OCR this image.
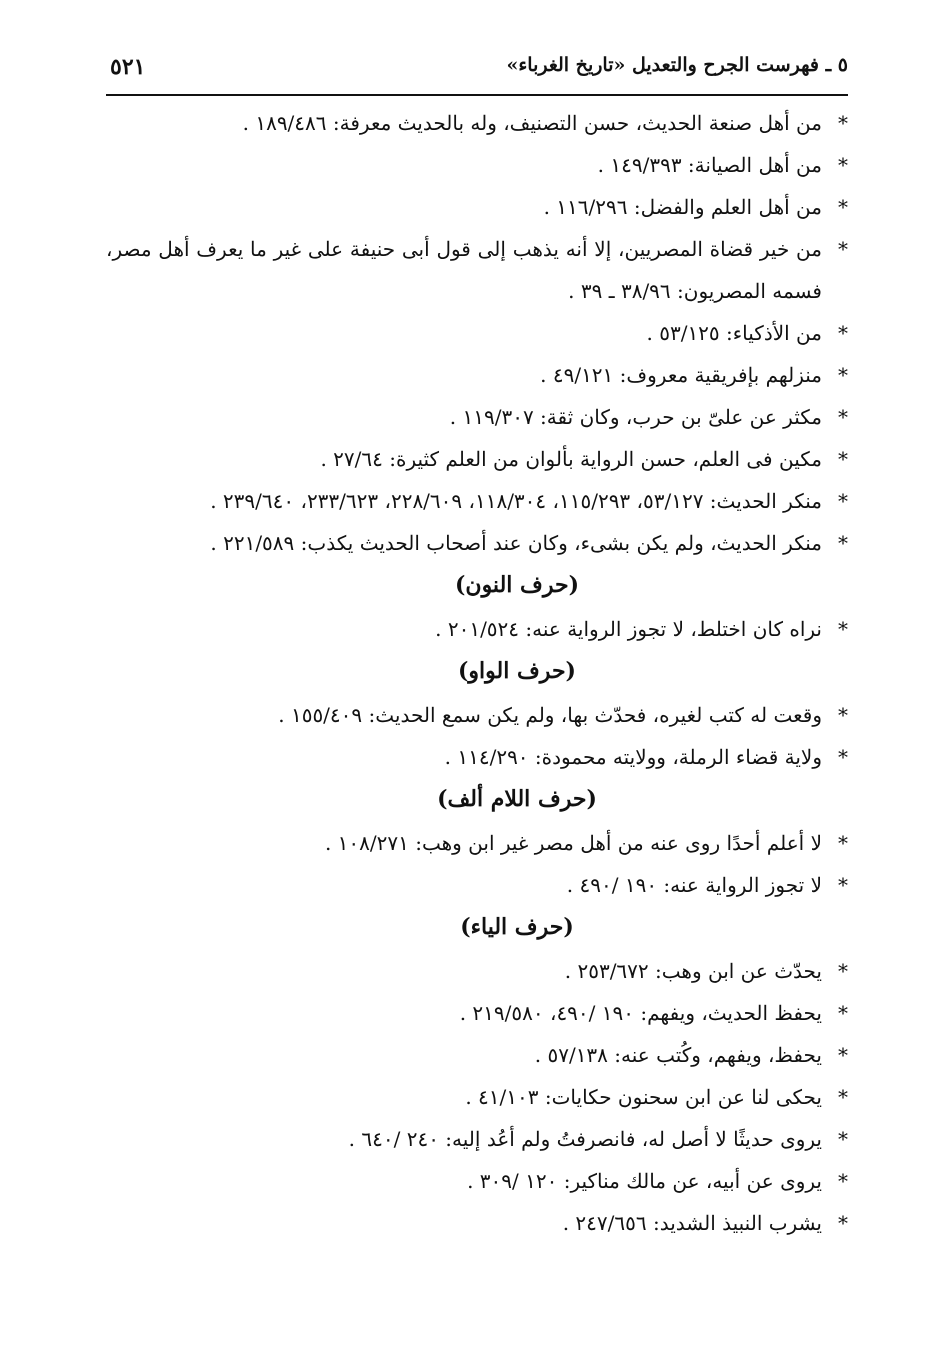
٥ ـ فهرست الجرح والتعديل «تاريخ الغرباء»
٥٢١
*
من أهل صنعة الحديث، حسن التصنيف، وله بالحديث معرفة: ١٨٩/٤٨٦ .
*
من أهل الصيانة: ١٤٩/٣٩٣ .
*
من أهل العلم والفضل: ١١٦/٢٩٦ .
*
من خير قضاة المصريين، إلا أنه يذهب إلى قول أبى حنيفة على غير ما يعرف أهل مصر، فسمه المصريون: ٣٨/٩٦ ـ ٣٩ .
*
من الأذكياء: ٥٣/١٢٥ .
*
منزلهم بإفريقية معروف: ٤٩/١٢١ .
*
مكثر عن علىّ بن حرب، وكان ثقة: ١١٩/٣٠٧ .
*
مكين فى العلم، حسن الرواية بألوان من العلم كثيرة: ٢٧/٦٤ .
*
منكر الحديث: ٥٣/١٢٧، ١١٥/٢٩٣، ١١٨/٣٠٤، ٢٢٨/٦٠٩، ٢٣٣/٦٢٣، ٢٣٩/٦٤٠ .
*
منكر الحديث، ولم يكن بشىء، وكان عند أصحاب الحديث يكذب: ٢٢١/٥٨٩ .
(حرف النون)
*
نراه كان اختلط، لا تجوز الرواية عنه: ٢٠١/٥٢٤ .
(حرف الواو)
*
وقعت له كتب لغيره، فحدّث بها، ولم يكن سمع الحديث: ١٥٥/٤٠٩ .
*
ولاية قضاء الرملة، وولايته محمودة: ١١٤/٢٩٠ .
(حرف اللام ألف)
*
لا أعلم أحدًا روى عنه من أهل مصر غير ابن وهب: ١٠٨/٢٧١ .
*
لا تجوز الرواية عنه: ١٩٠ /٤٩٠ .
(حرف الياء)
*
يحدّث عن ابن وهب: ٢٥٣/٦٧٢ .
*
يحفظ الحديث، ويفهم: ١٩٠ /٤٩٠، ٢١٩/٥٨٠ .
*
يحفظ، ويفهم، وكُتب عنه: ٥٧/١٣٨ .
*
يحكى لنا عن ابن سحنون حكايات: ٤١/١٠٣ .
*
يروى حديثًا لا أصل له، فانصرفتُ ولم أعُد إليه: ٢٤٠ /٦٤٠ .
*
يروى عن أبيه، عن مالك مناكير: ١٢٠ /٣٠٩ .
*
يشرب النبيذ الشديد: ٢٤٧/٦٥٦ .
